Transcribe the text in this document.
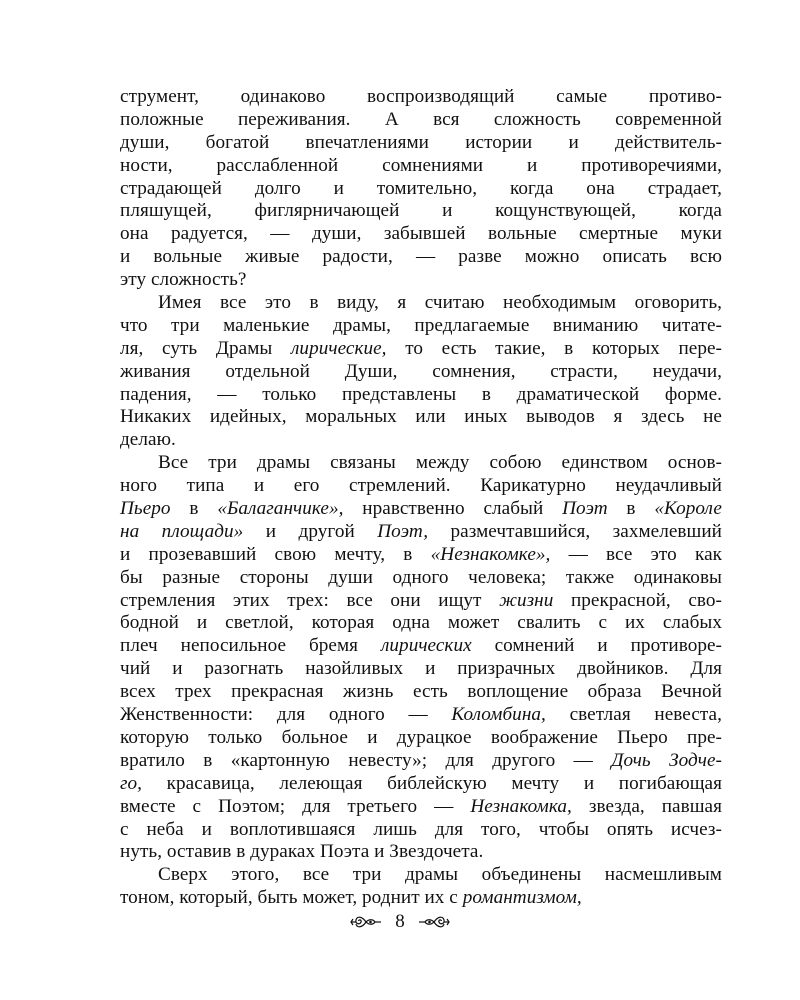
струмент, одинаково воспроизводящий самые противо-
положные переживания. А вся сложность современной
души, богатой впечатлениями истории и действитель-
ности, расслабленной сомнениями и противоречиями,
страдающей долго и томительно, когда она страдает,
пляшущей, фиглярничающей и кощунствующей, когда
она радуется, — души, забывшей вольные смертные муки
и вольные живые радости, — разве можно описать всю
эту сложность?
Имея все это в виду, я считаю необходимым оговорить,
что три маленькие драмы, предлагаемые вниманию читате-
ля, суть Драмы лирические, то есть такие, в которых пере-
живания отдельной Души, сомнения, страсти, неудачи,
падения, — только представлены в драматической форме.
Никаких идейных, моральных или иных выводов я здесь не
делаю.
Все три драмы связаны между собою единством основ-
ного типа и его стремлений. Карикатурно неудачливый
Пьеро в «Балаганчике», нравственно слабый Поэт в «Короле
на площади» и другой Поэт, размечтавшийся, захмелевший
и прозевавший свою мечту, в «Незнакомке», — все это как
бы разные стороны души одного человека; также одинаковы
стремления этих трех: все они ищут жизни прекрасной, сво-
бодной и светлой, которая одна может свалить с их слабых
плеч непосильное бремя лирических сомнений и противоре-
чий и разогнать назойливых и призрачных двойников. Для
всех трех прекрасная жизнь есть воплощение образа Вечной
Женственности: для одного — Коломбина, светлая невеста,
которую только больное и дурацкое воображение Пьеро пре-
вратило в «картонную невесту»; для другого — Дочь Зодче-
го, красавица, лелеющая библейскую мечту и погибающая
вместе с Поэтом; для третьего — Незнакомка, звезда, павшая
с неба и воплотившаяся лишь для того, чтобы опять исчез-
нуть, оставив в дураках Поэта и Звездочета.
Сверх этого, все три драмы объединены насмешливым
тоном, который, быть может, роднит их с романтизмом,
8
